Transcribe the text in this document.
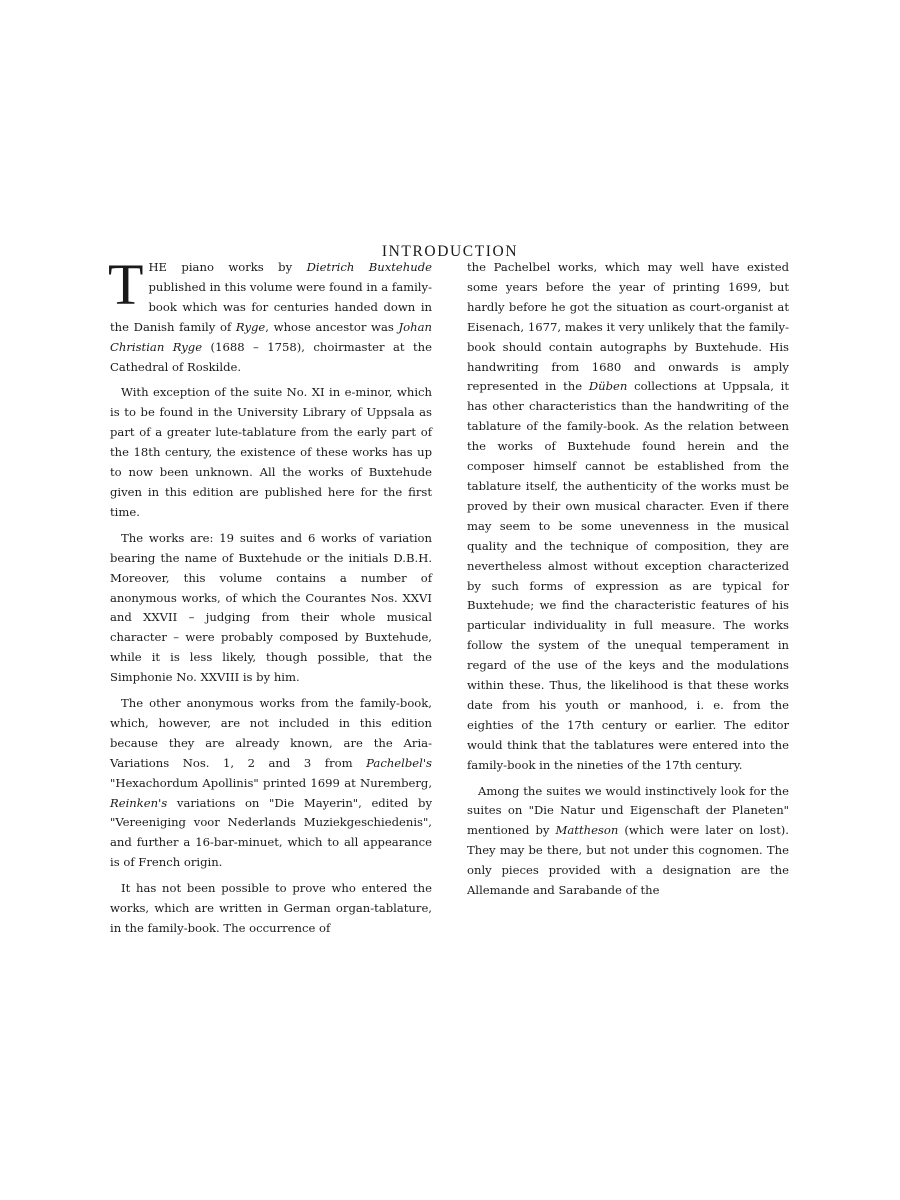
INTRODUCTION

THE piano works by Dietrich Buxtehude published in this volume were found in a family-book which was for centuries handed down in the Danish family of Ryge, whose ancestor was Johan Christian Ryge (1688 – 1758), choirmaster at the Cathedral of Roskilde.

With exception of the suite No. XI in e-minor, which is to be found in the University Library of Uppsala as part of a greater lute-tablature from the early part of the 18th century, the existence of these works has up to now been unknown. All the works of Buxtehude given in this edition are published here for the first time.

The works are: 19 suites and 6 works of variation bearing the name of Buxtehude or the initials D.B.H. Moreover, this volume contains a number of anonymous works, of which the Courantes Nos. XXVI and XXVII – judging from their whole musical character – were probably composed by Buxtehude, while it is less likely, though possible, that the Simphonie No. XXVIII is by him.

The other anonymous works from the family-book, which, however, are not included in this edition because they are already known, are the Aria-Variations Nos. 1, 2 and 3 from Pachelbel's "Hexachordum Apollinis" printed 1699 at Nuremberg, Reinken's variations on "Die Mayerin", edited by "Vereeniging voor Nederlands Muziekgeschiedenis", and further a 16-bar-minuet, which to all appearance is of French origin.

It has not been possible to prove who entered the works, which are written in German organ-tablature, in the family-book. The occurrence of

the Pachelbel works, which may well have existed some years before the year of printing 1699, but hardly before he got the situation as court-organist at Eisenach, 1677, makes it very unlikely that the family-book should contain autographs by Buxtehude. His handwriting from 1680 and onwards is amply represented in the Düben collections at Uppsala, it has other characteristics than the handwriting of the tablature of the family-book. As the relation between the works of Buxtehude found herein and the composer himself cannot be established from the tablature itself, the authenticity of the works must be proved by their own musical character. Even if there may seem to be some unevenness in the musical quality and the technique of composition, they are nevertheless almost without exception characterized by such forms of expression as are typical for Buxtehude; we find the characteristic features of his particular individuality in full measure. The works follow the system of the unequal temperament in regard of the use of the keys and the modulations within these. Thus, the likelihood is that these works date from his youth or manhood, i. e. from the eighties of the 17th century or earlier. The editor would think that the tablatures were entered into the family-book in the nineties of the 17th century.

Among the suites we would instinctively look for the suites on "Die Natur und Eigenschaft der Planeten" mentioned by Mattheson (which were later on lost). They may be there, but not under this cognomen. The only pieces provided with a designation are the Allemande and Sarabande of the
